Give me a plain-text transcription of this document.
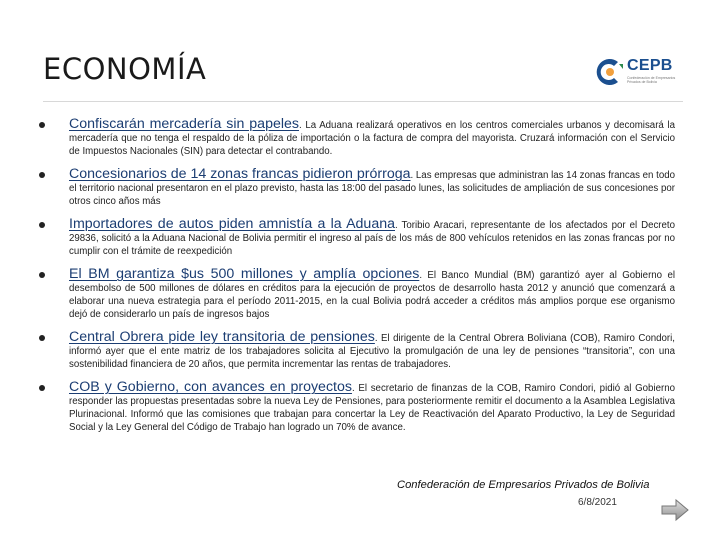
ECONOMÍA	CEPB
Confederación de Empresarios Privados de Bolivia
Confiscarán mercadería sin papeles. La Aduana realizará operativos en los centros comerciales urbanos y decomisará la mercadería que no tenga el respaldo de la póliza de importación o la factura de compra del mayorista. Cruzará información con el Servicio de Impuestos Nacionales (SIN) para detectar el contrabando.
Concesionarios de 14 zonas francas pidieron prórroga. Las empresas que administran las 14 zonas francas en todo el territorio nacional presentaron en el plazo previsto, hasta las 18:00 del pasado lunes, las solicitudes de ampliación de sus concesiones por otros cinco años más
Importadores de autos piden amnistía a la Aduana. Toribio Aracari, representante de los afectados por el Decreto 29836, solicitó a la Aduana Nacional de Bolivia permitir el ingreso al país de los más de 800 vehículos retenidos en las zonas francas por no cumplir con el trámite de reexpedición
El BM garantiza $us 500 millones y amplía opciones. El Banco Mundial (BM) garantizó ayer al Gobierno el desembolso de 500 millones de dólares en créditos para la ejecución de proyectos de desarrollo hasta 2012 y anunció que comenzará a elaborar una nueva estrategia para el período 2011-2015, en la cual Bolivia podrá acceder a créditos más amplios porque ese organismo dejó de considerarlo un país de ingresos bajos
Central Obrera pide ley transitoria de pensiones. El dirigente de la Central Obrera Boliviana (COB), Ramiro Condori, informó ayer que el ente matriz de los trabajadores solicita al Ejecutivo la promulgación de una ley de pensiones “transitoria”, con una sostenibilidad financiera de 20 años, que permita incrementar las rentas de trabajadores.
COB y Gobierno, con avances en proyectos. El secretario de finanzas de la COB, Ramiro Condori, pidió al Gobierno responder las propuestas presentadas sobre la nueva Ley de Pensiones, para posteriormente remitir el documento a la Asamblea Legislativa Plurinacional. Informó que las comisiones que trabajan para concertar la Ley de Reactivación del Aparato Productivo, la Ley de Seguridad Social y la Ley General del Código de Trabajo han logrado un 70% de avance.
Confederación de Empresarios Privados de Bolivia
6/8/2021
